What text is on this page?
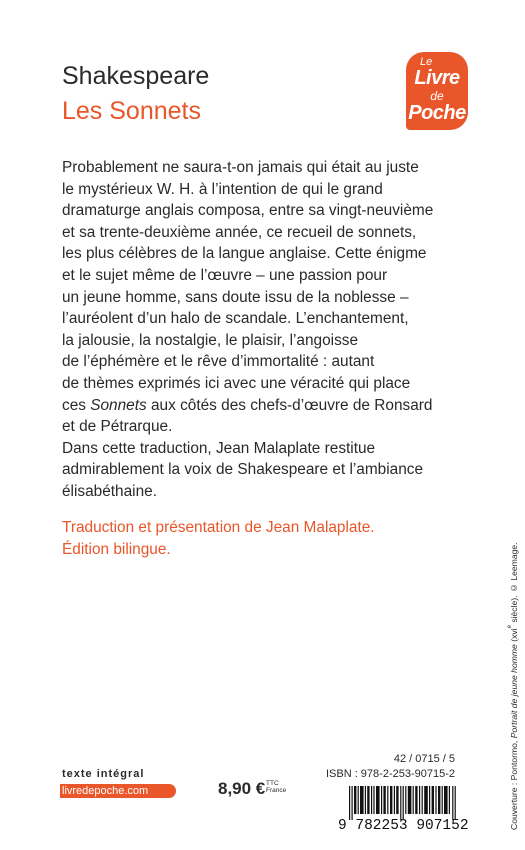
Shakespeare
Les Sonnets
Le
Livre
de
Poche
Probablement ne saura-t-on jamais qui était au juste
le mystérieux W. H. à l’intention de qui le grand
dramaturge anglais composa, entre sa vingt-neuvième
et sa trente-deuxième année, ce recueil de sonnets,
les plus célèbres de la langue anglaise. Cette énigme
et le sujet même de l’œuvre – une passion pour
un jeune homme, sans doute issu de la noblesse –
l’auréolent d’un halo de scandale. L’enchantement,
la jalousie, la nostalgie, le plaisir, l’angoisse
de l’éphémère et le rêve d’immortalité : autant
de thèmes exprimés ici avec une véracité qui place
ces Sonnets aux côtés des chefs-d’œuvre de Ronsard
et de Pétrarque.
Dans cette traduction, Jean Malaplate restitue
admirablement la voix de Shakespeare et l’ambiance
élisabéthaine.
Traduction et présentation de Jean Malaplate.
Édition bilingue.
Couverture : Pontormo, Portrait de jeune homme (xvi$^e$ siècle). © Leemage.
texte intégral
livredepoche.com	8,90 € TTC
France
42 / 0715 / 5
ISBN : 978-2-253-90715-2
9 782253 907152
